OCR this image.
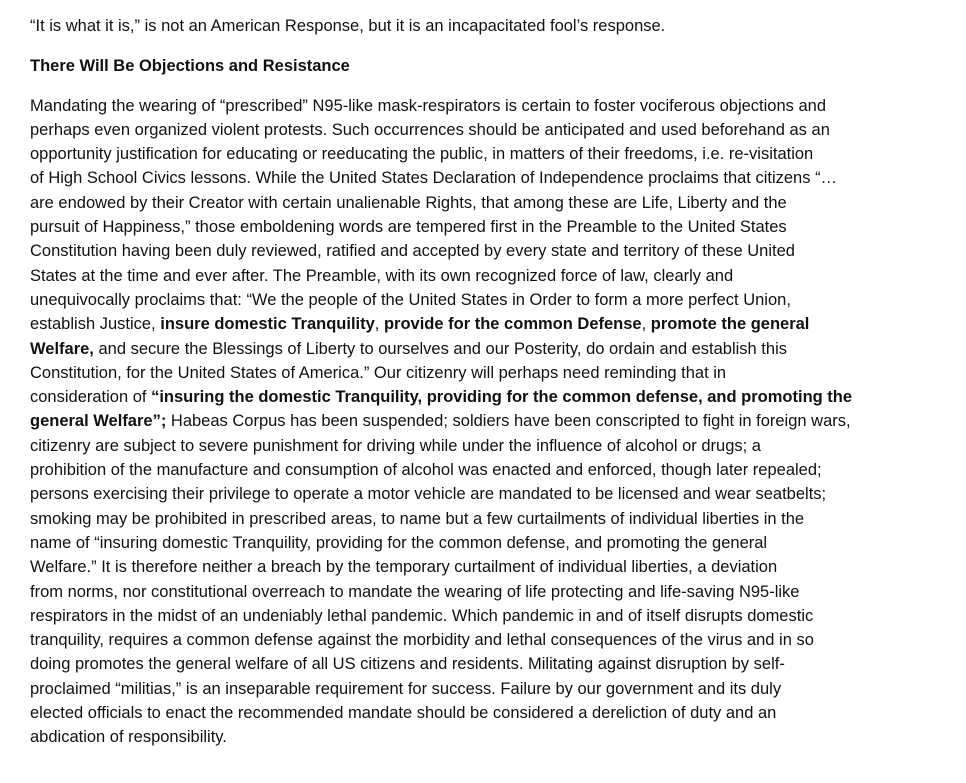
“It is what it is,” is not an American Response, but it is an incapacitated fool’s response.

There Will Be Objections and Resistance

Mandating the wearing of “prescribed” N95-like mask-respirators is certain to foster vociferous objections and

perhaps even organized violent protests. Such occurrences should be anticipated and used beforehand as an

opportunity justification for educating or reeducating the public, in matters of their freedoms, i.e. re-visitation

of High School Civics lessons. While the United States Declaration of Independence proclaims that citizens “…

are endowed by their Creator with certain unalienable Rights, that among these are Life, Liberty and the

pursuit of Happiness,” those emboldening words are tempered first in the Preamble to the United States

Constitution having been duly reviewed, ratified and accepted by every state and territory of these United

States at the time and ever after. The Preamble, with its own recognized force of law, clearly and

unequivocally proclaims that: “We the people of the United States in Order to form a more perfect Union,

establish Justice, insure domestic Tranquility, provide for the common Defense, promote the general

Welfare, and secure the Blessings of Liberty to ourselves and our Posterity, do ordain and establish this

Constitution, for the United States of America.” Our citizenry will perhaps need reminding that in

consideration of “insuring the domestic Tranquility, providing for the common defense, and promoting the

general Welfare”; Habeas Corpus has been suspended; soldiers have been conscripted to fight in foreign wars,

citizenry are subject to severe punishment for driving while under the influence of alcohol or drugs; a

prohibition of the manufacture and consumption of alcohol was enacted and enforced, though later repealed;

persons exercising their privilege to operate a motor vehicle are mandated to be licensed and wear seatbelts;

smoking may be prohibited in prescribed areas, to name but a few curtailments of individual liberties in the

name of “insuring domestic Tranquility, providing for the common defense, and promoting the general

Welfare.” It is therefore neither a breach by the temporary curtailment of individual liberties, a deviation

from norms, nor constitutional overreach to mandate the wearing of life protecting and life-saving N95-like

respirators in the midst of an undeniably lethal pandemic. Which pandemic in and of itself disrupts domestic

tranquility, requires a common defense against the morbidity and lethal consequences of the virus and in so

doing promotes the general welfare of all US citizens and residents. Militating against disruption by self-

proclaimed “militias,” is an inseparable requirement for success. Failure by our government and its duly

elected officials to enact the recommended mandate should be considered a dereliction of duty and an

abdication of responsibility.
